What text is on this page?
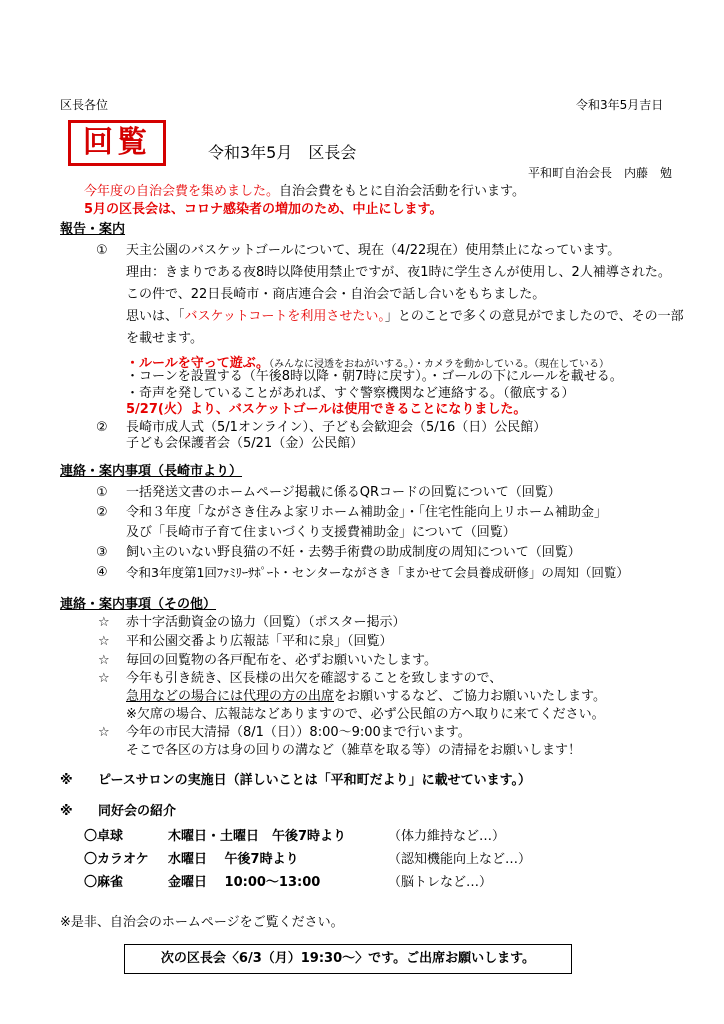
区長各位	令和3年5月吉日
回覧	令和3年5月　区長会
平和町自治会長　内藤　勉
今年度の自治会費を集めました。自治会費をもとに自治会活動を行います。
5月の区長会は、コロナ感染者の増加のため、中止にします。
報告・案内
① 天主公園のバスケットゴールについて、現在（4/22現在）使用禁止になっています。
理由：きまりである夜8時以降使用禁止ですが、夜1時に学生さんが使用し、2人補導された。
この件で、22日長崎市・商店連合会・自治会で話し合いをもちました。
思いは、「バスケットコートを利用させたい。」とのことで多くの意見がでましたので、その一部
を載せます。
・ルールを守って遊ぶ。（みんなに浸透をおねがいする。）・カメラを動かしている。（現在している）
・コーンを設置する（午後8時以降・朝7時に戻す）。・ゴールの下にルールを載せる。
・奇声を発していることがあれば、すぐ警察機関など連絡する。（徹底する）
5/27(火）より、バスケットゴールは使用できることになりました。
② 長崎市成人式（5/1オンライン）、子ども会歓迎会（5/16（日）公民館）
子ども会保護者会（5/21（金）公民館）
連絡・案内事項（長崎市より）
① 一括発送文書のホームページ掲載に係るQRコードの回覧について（回覧）
② 令和３年度「ながさき住みよ家リホーム補助金」・「住宅性能向上リホーム補助金」
及び「長崎市子育て住まいづくり支援費補助金」について（回覧）
③ 飼い主のいない野良猫の不妊・去勢手術費の助成制度の周知について（回覧）
④ 令和3年度第1回ﾌｧﾐﾘｰｻﾎﾟｰﾄ・センターながさき「まかせて会員養成研修」の周知（回覧）
連絡・案内事項（その他）
☆ 赤十字活動資金の協力（回覧）（ポスター掲示）
☆ 平和公園交番より広報誌「平和に泉」（回覧）
☆ 毎回の回覧物の各戸配布を、必ずお願いいたします。
☆ 今年も引き続き、区長様の出欠を確認することを致しますので、
急用などの場合には代理の方の出席をお願いするなど、ご協力お願いいたします。
※欠席の場合、広報誌などありますので、必ず公民館の方へ取りに来てください。
☆ 今年の市民大清掃（8/1（日））8:00～9:00まで行います。
そこで各区の方は身の回りの溝など（雑草を取る等）の清掃をお願いします！
※ ピースサロンの実施日（詳しいことは「平和町だより」に載せています。）
※ 同好会の紹介
〇卓球	木曜日・土曜日　午後7時より	（体力維持など…）
〇カラオケ 水曜日　 午後7時より	（認知機能向上など…）
〇麻雀	金曜日　 10:00～13:00	（脳トレなど…）
※是非、自治会のホームページをご覧ください。
次の区長会〈6/3（月）19:30～〉です。ご出席お願いします。
